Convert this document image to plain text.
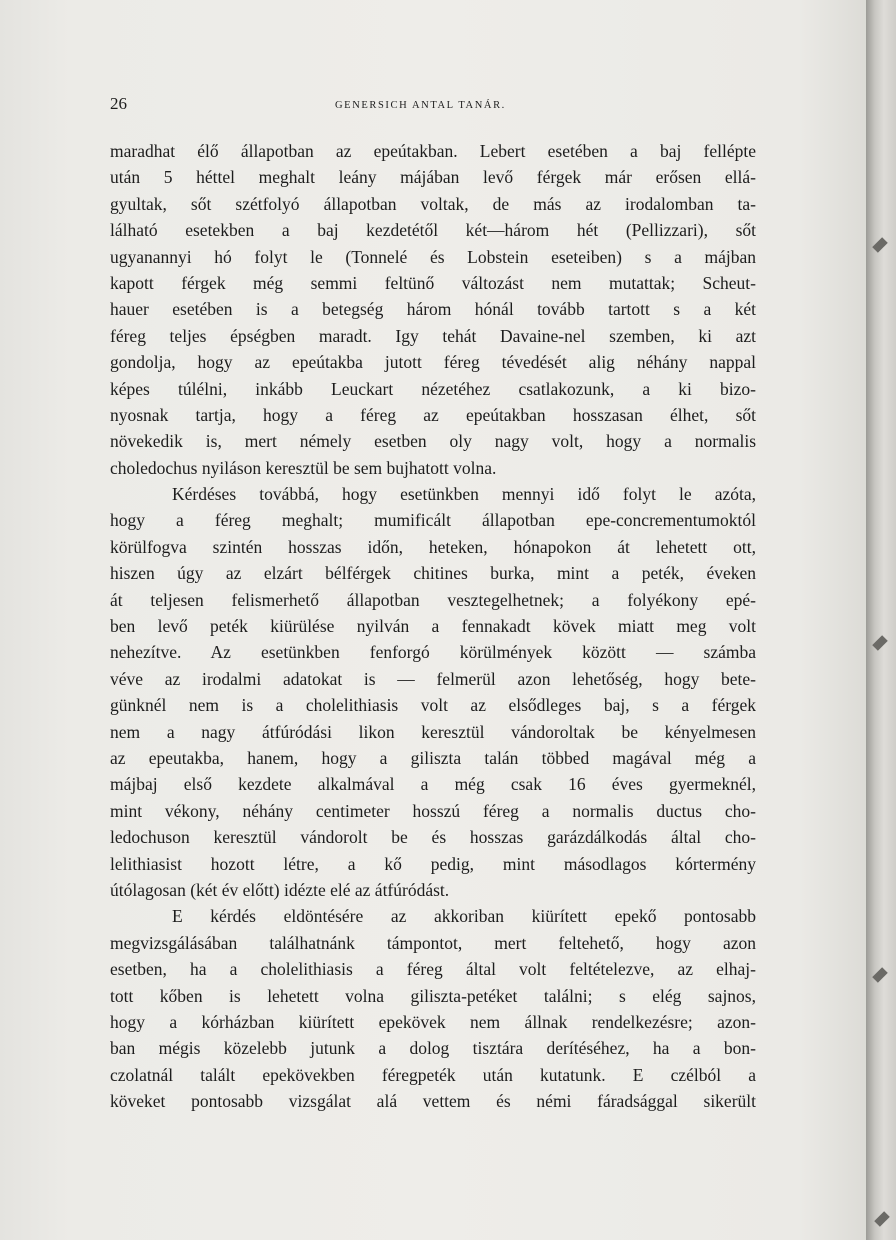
26	GENERSICH ANTAL TANÁR.
maradhat élő állapotban az epeútakban. Lebert esetében a baj fellépte
után 5 héttel meghalt leány májában levő férgek már erősen ellá-
gyultak, sőt szétfolyó állapotban voltak, de más az irodalomban ta-
lálható esetekben a baj kezdetétől két—három hét (Pellizzari), sőt
ugyanannyi hó folyt le (Tonnelé és Lobstein eseteiben) s a májban
kapott férgek még semmi feltünő változást nem mutattak; Scheut-
hauer esetében is a betegség három hónál tovább tartott s a két
féreg teljes épségben maradt. Igy tehát Davaine-nel szemben, ki azt
gondolja, hogy az epeútakba jutott féreg tévedését alig néhány nappal
képes túlélni, inkább Leuckart nézetéhez csatlakozunk, a ki bizo-
nyosnak tartja, hogy a féreg az epeútakban hosszasan élhet, sőt
növekedik is, mert némely esetben oly nagy volt, hogy a normalis
choledochus nyiláson keresztül be sem bujhatott volna.
Kérdéses továbbá, hogy esetünkben mennyi idő folyt le azóta,
hogy a féreg meghalt; mumificált állapotban epe-concrementumoktól
körülfogva szintén hosszas időn, heteken, hónapokon át lehetett ott,
hiszen úgy az elzárt bélférgek chitines burka, mint a peték, éveken
át teljesen felismerhető állapotban vesztegelhetnek; a folyékony epé-
ben levő peték kiürülése nyilván a fennakadt kövek miatt meg volt
nehezítve. Az esetünkben fenforgó körülmények között — számba
véve az irodalmi adatokat is — felmerül azon lehetőség, hogy bete-
günknél nem is a cholelithiasis volt az elsődleges baj, s a férgek
nem a nagy átfúródási likon keresztül vándoroltak be kényelmesen
az epeutakba, hanem, hogy a giliszta talán többed magával még a
májbaj első kezdete alkalmával a még csak 16 éves gyermeknél,
mint vékony, néhány centimeter hosszú féreg a normalis ductus cho-
ledochuson keresztül vándorolt be és hosszas garázdálkodás által cho-
lelithiasist hozott létre, a kő pedig, mint másodlagos kórtermény
útólagosan (két év előtt) idézte elé az átfúródást.
E kérdés eldöntésére az akkoriban kiürített epekő pontosabb
megvizsgálásában találhatnánk támpontot, mert feltehető, hogy azon
esetben, ha a cholelithiasis a féreg által volt feltételezve, az elhaj-
tott kőben is lehetett volna giliszta-petéket találni; s elég sajnos,
hogy a kórházban kiürített epekövek nem állnak rendelkezésre; azon-
ban mégis közelebb jutunk a dolog tisztára derítéséhez, ha a bon-
czolatnál talált epekövekben féregpeték után kutatunk. E czélból a
köveket pontosabb vizsgálat alá vettem és némi fáradsággal sikerült
